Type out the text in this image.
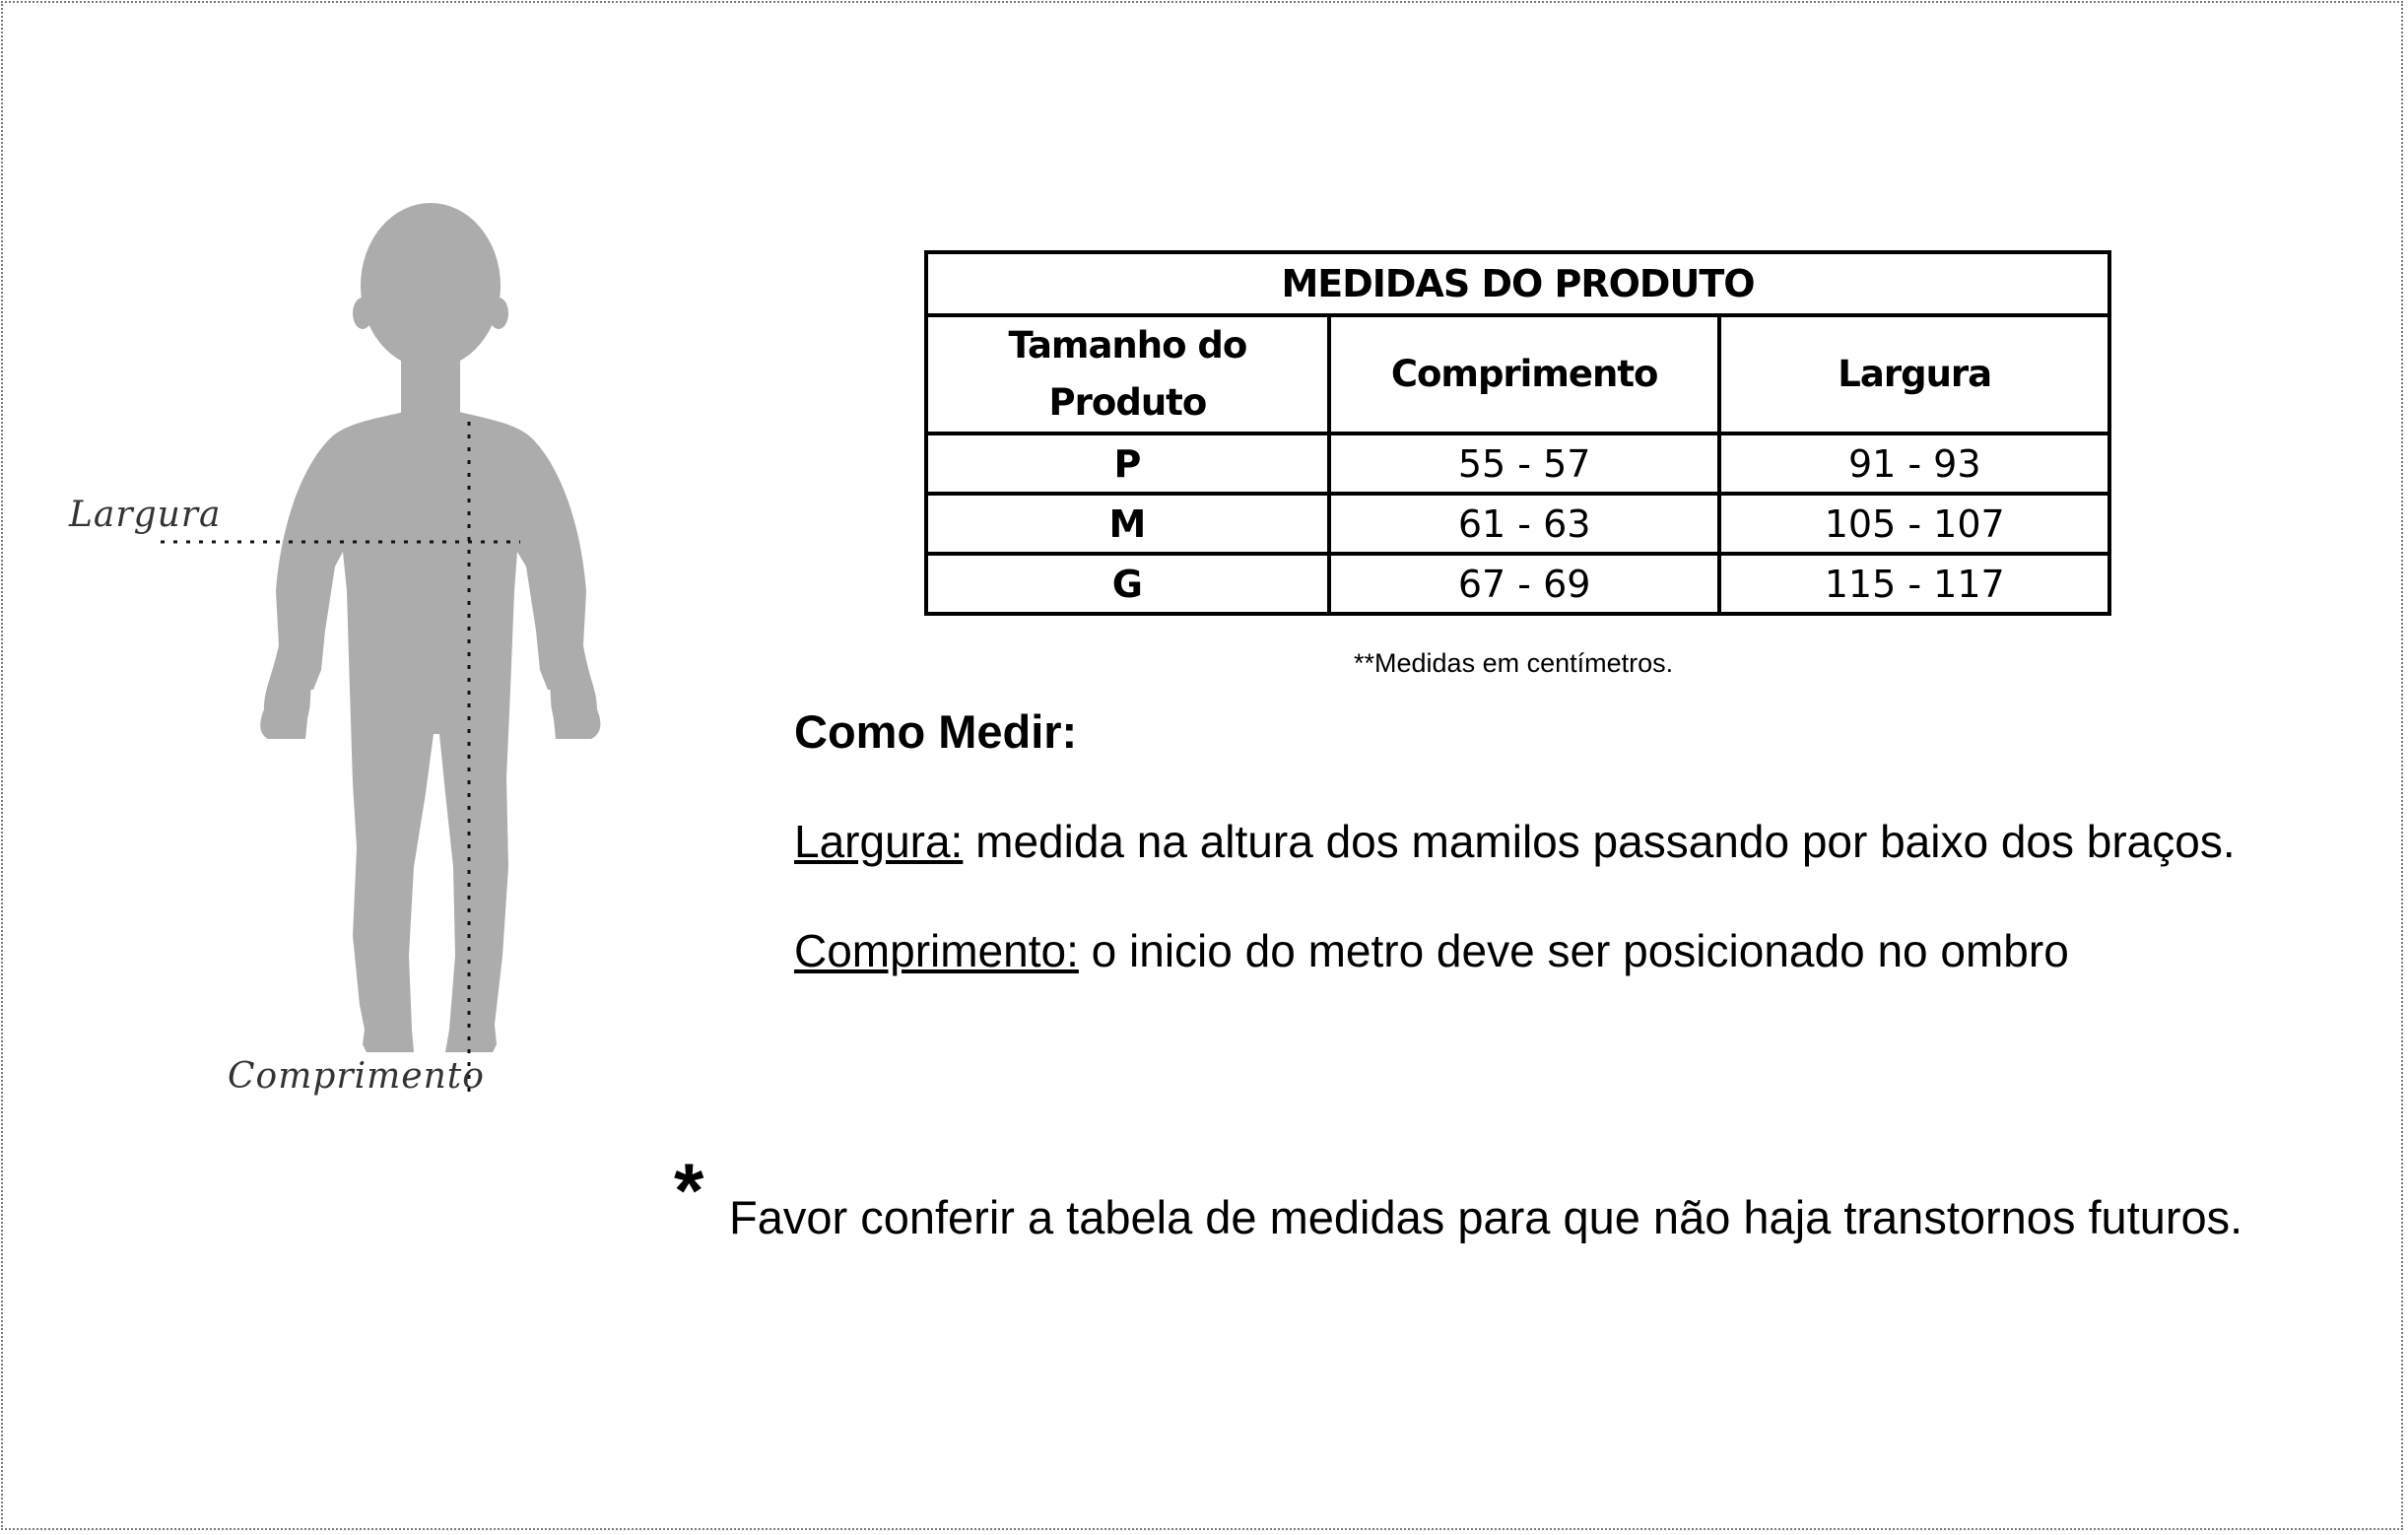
Largura
Comprimento
MEDIDAS DO PRODUTO		
Tamanho do Produto	Comprimento	Largura
P	55 - 57	91 - 93
M	61 - 63	105 - 107
G	67 - 69	115 - 117
**Medidas em centímetros.
Como Medir:
Largura: medida na altura dos mamilos passando por baixo dos braços.
Comprimento: o inicio do metro deve ser posicionado no ombro
* Favor conferir a tabela de medidas para que não haja transtornos futuros.
